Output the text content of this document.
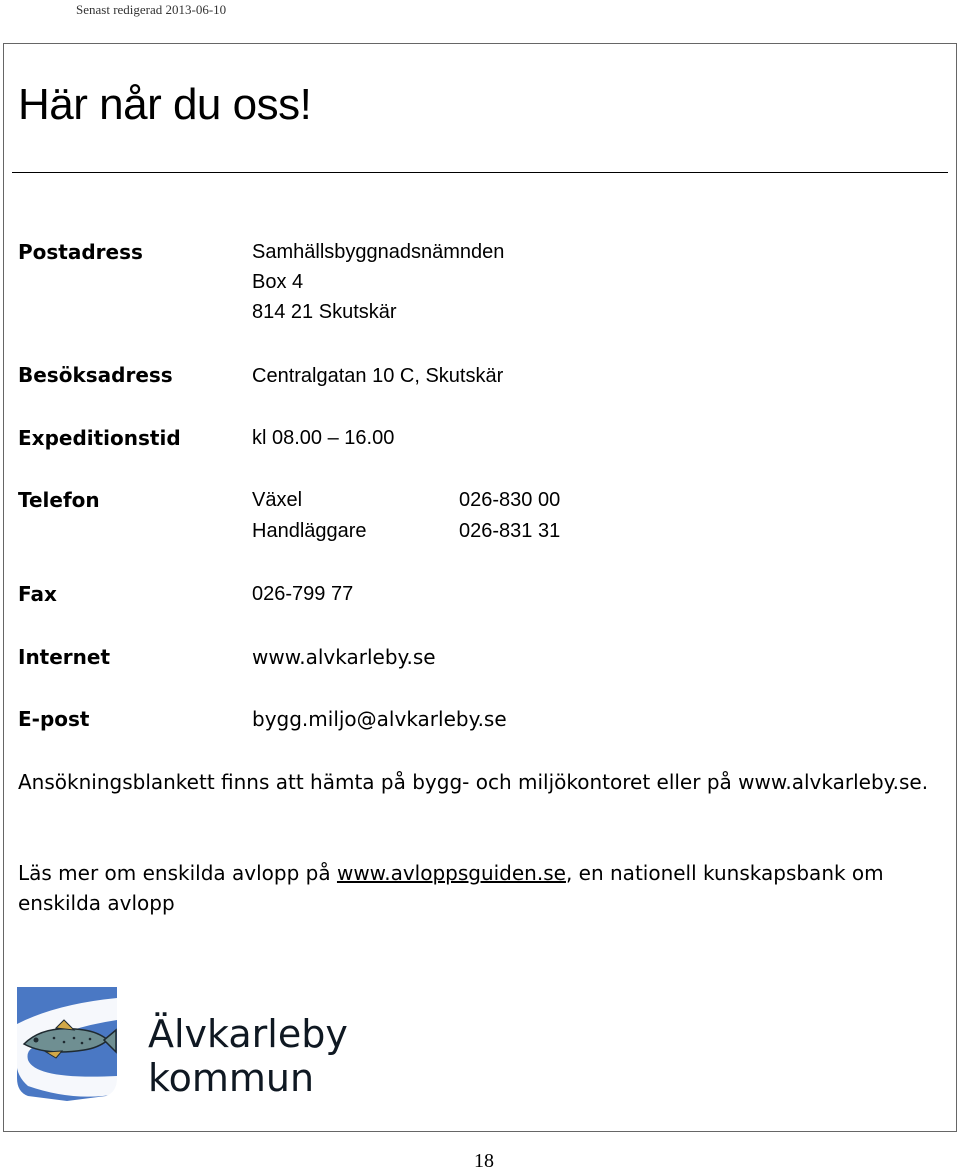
Senast redigerad 2013-06-10
Här når du oss!
Postadress	Samhällsbyggnadsnämnden
Box 4
814 21 Skutskär
Besöksadress	Centralgatan 10 C, Skutskär
Expeditionstid	kl 08.00 – 16.00
Telefon	Växel	026-830 00
Handläggare	026-831 31
Fax	026-799 77
Internet	www.alvkarleby.se
E-post	bygg.miljo@alvkarleby.se

Ansökningsblankett finns att hämta på bygg- och miljökontoret eller på www.alvkarleby.se.

Läs mer om enskilda avlopp på www.avloppsguiden.se, en nationell kunskapsbank om enskilda avlopp

Älvkarleby
kommun
18
